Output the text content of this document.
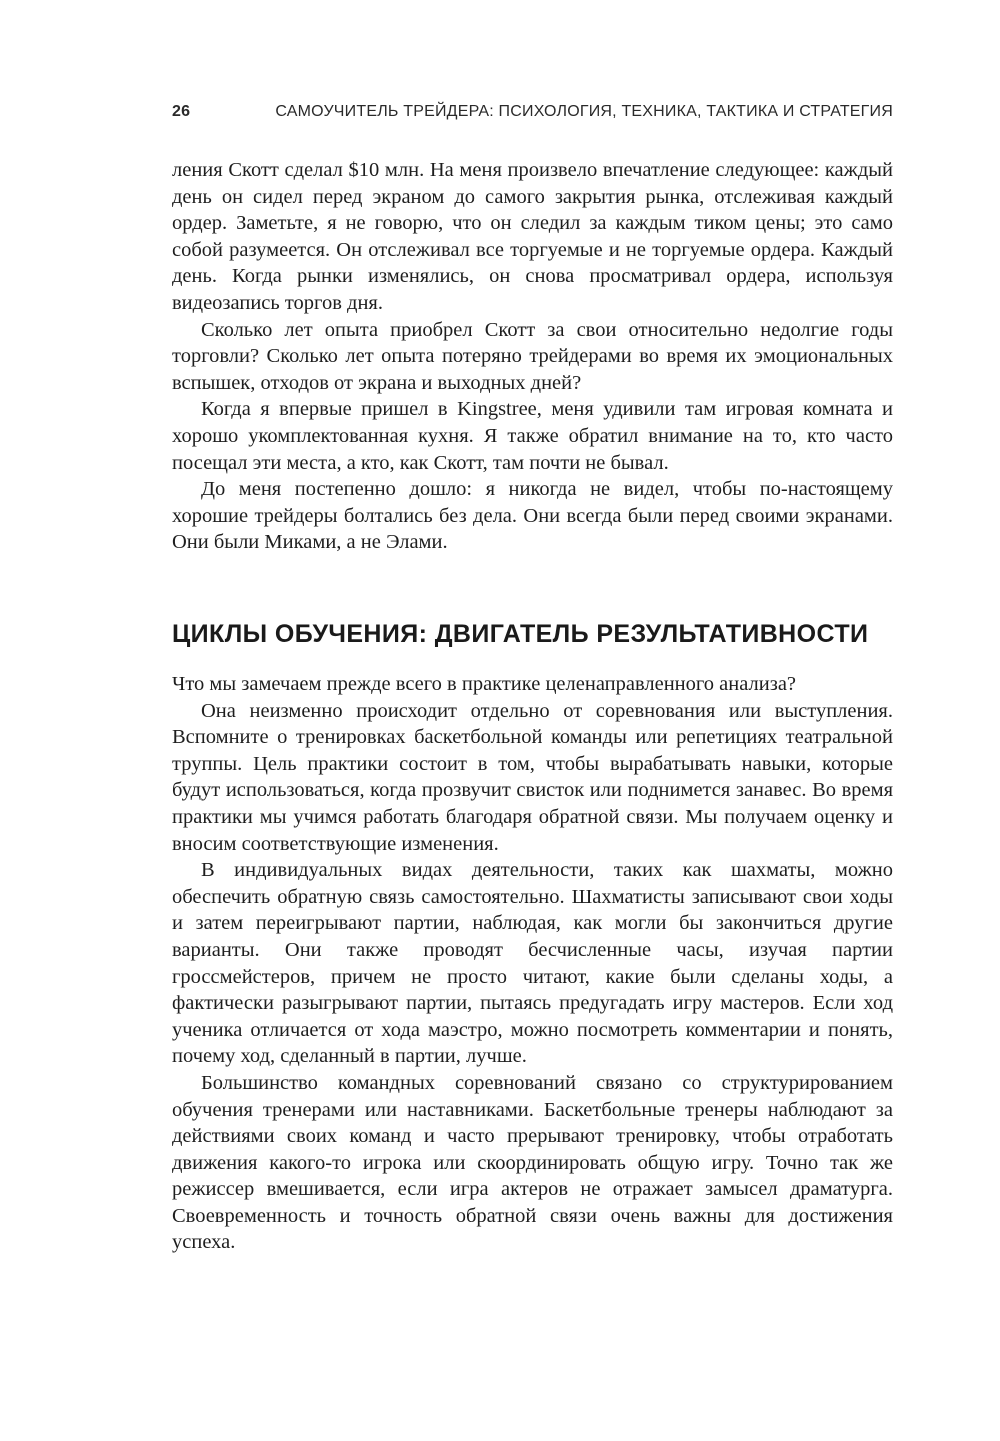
26	САМОУЧИТЕЛЬ ТРЕЙДЕРА: ПСИХОЛОГИЯ, ТЕХНИКА, ТАКТИКА И СТРАТЕГИЯ

ления Скотт сделал $10 млн. На меня произвело впечатление следующее: каждый день он сидел перед экраном до самого закрытия рынка, отслеживая каждый ордер. Заметьте, я не говорю, что он следил за каждым тиком цены; это само собой разумеется. Он отслеживал все торгуемые и не торгуемые ордера. Каждый день. Когда рынки изменялись, он снова просматривал ордера, используя видеозапись торгов дня.

Сколько лет опыта приобрел Скотт за свои относительно недолгие годы торговли? Сколько лет опыта потеряно трейдерами во время их эмоциональных вспышек, отходов от экрана и выходных дней?

Когда я впервые пришел в Kingstree, меня удивили там игровая комната и хорошо укомплектованная кухня. Я также обратил внимание на то, кто часто посещал эти места, а кто, как Скотт, там почти не бывал.

До меня постепенно дошло: я никогда не видел, чтобы по-настоящему хорошие трейдеры болтались без дела. Они всегда были перед своими экранами. Они были Миками, а не Элами.

ЦИКЛЫ ОБУЧЕНИЯ: ДВИГАТЕЛЬ РЕЗУЛЬТАТИВНОСТИ

Что мы замечаем прежде всего в практике целенаправленного анализа?

Она неизменно происходит отдельно от соревнования или выступления. Вспомните о тренировках баскетбольной команды или репетициях театральной труппы. Цель практики состоит в том, чтобы вырабатывать навыки, которые будут использоваться, когда прозвучит свисток или поднимется занавес. Во время практики мы учимся работать благодаря обратной связи. Мы получаем оценку и вносим соответствующие изменения.

В индивидуальных видах деятельности, таких как шахматы, можно обеспечить обратную связь самостоятельно. Шахматисты записывают свои ходы и затем переигрывают партии, наблюдая, как могли бы закончиться другие варианты. Они также проводят бесчисленные часы, изучая партии гроссмейстеров, причем не просто читают, какие были сделаны ходы, а фактически разыгрывают партии, пытаясь предугадать игру мастеров. Если ход ученика отличается от хода маэстро, можно посмотреть комментарии и понять, почему ход, сделанный в партии, лучше.

Большинство командных соревнований связано со структурированием обучения тренерами или наставниками. Баскетбольные тренеры наблюдают за действиями своих команд и часто прерывают тренировку, чтобы отработать движения какого-то игрока или скоординировать общую игру. Точно так же режиссер вмешивается, если игра актеров не отражает замысел драматурга. Своевременность и точность обратной связи очень важны для достижения успеха.
